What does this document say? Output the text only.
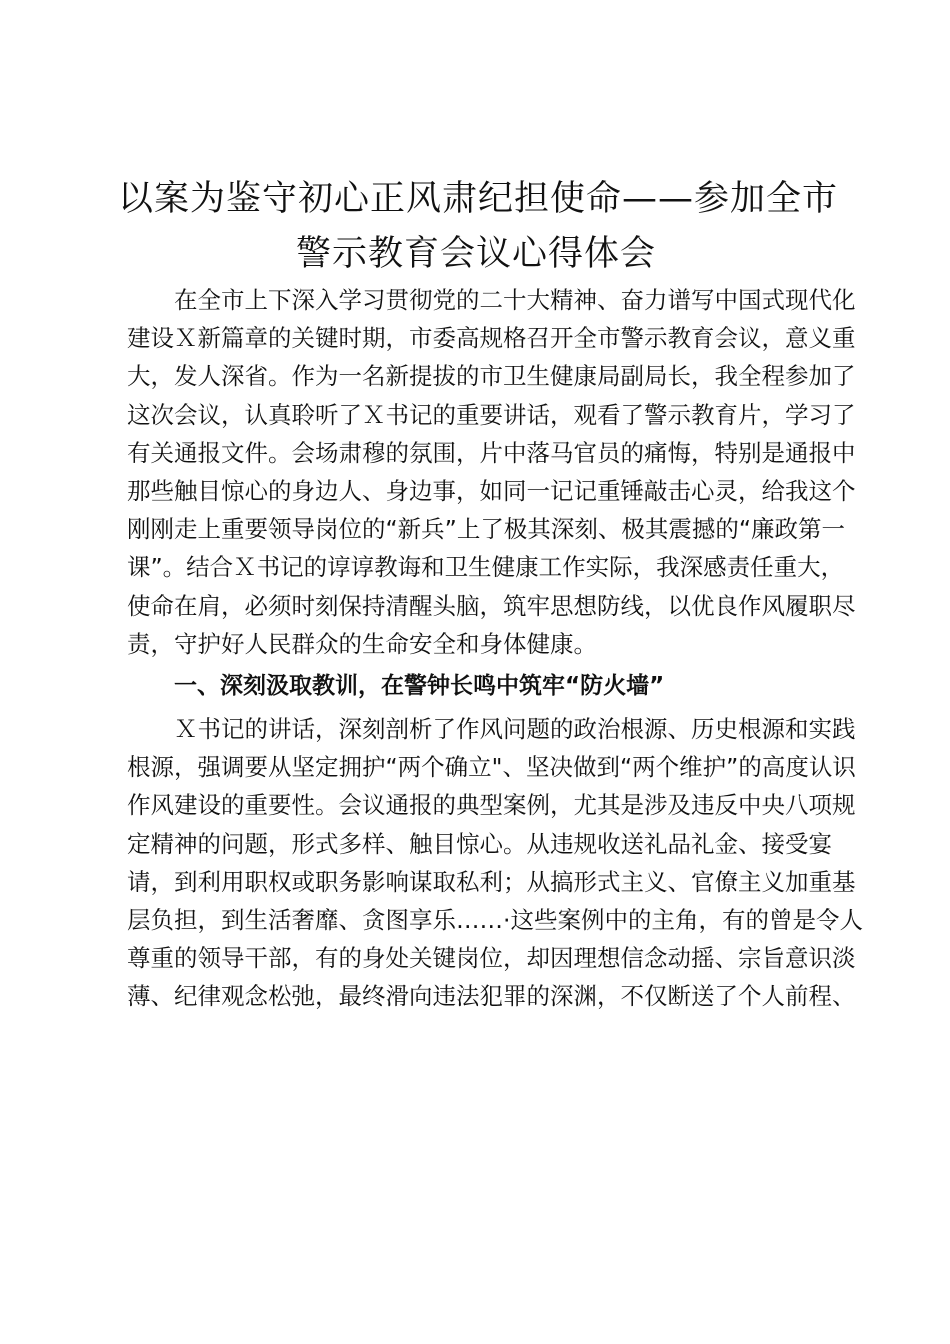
以案为鉴守初心正风肃纪担使命——参加全市
警示教育会议心得体会

在全市上下深入学习贯彻党的二十大精神、奋力谱写中国式现代化
建设Ｘ新篇章的关键时期，市委高规格召开全市警示教育会议，意义重
大，发人深省。作为一名新提拔的市卫生健康局副局长，我全程参加了
这次会议，认真聆听了Ｘ书记的重要讲话，观看了警示教育片，学习了
有关通报文件。会场肃穆的氛围，片中落马官员的痛悔，特别是通报中
那些触目惊心的身边人、身边事，如同一记记重锤敲击心灵，给我这个
刚刚走上重要领导岗位的“新兵”上了极其深刻、极其震撼的“廉政第一
课”。结合Ｘ书记的谆谆教诲和卫生健康工作实际，我深感责任重大，
使命在肩，必须时刻保持清醒头脑，筑牢思想防线，以优良作风履职尽
责，守护好人民群众的生命安全和身体健康。

一、深刻汲取教训，在警钟长鸣中筑牢“防火墙”

Ｘ书记的讲话，深刻剖析了作风问题的政治根源、历史根源和实践
根源，强调要从坚定拥护“两个确立"、坚决做到“两个维护”的高度认识
作风建设的重要性。会议通报的典型案例，尤其是涉及违反中央八项规
定精神的问题，形式多样、触目惊心。从违规收送礼品礼金、接受宴
请，到利用职权或职务影响谋取私利；从搞形式主义、官僚主义加重基
层负担，到生活奢靡、贪图享乐……·这些案例中的主角，有的曾是令人
尊重的领导干部，有的身处关键岗位，却因理想信念动摇、宗旨意识淡
薄、纪律观念松弛，最终滑向违法犯罪的深渊，不仅断送了个人前程、
